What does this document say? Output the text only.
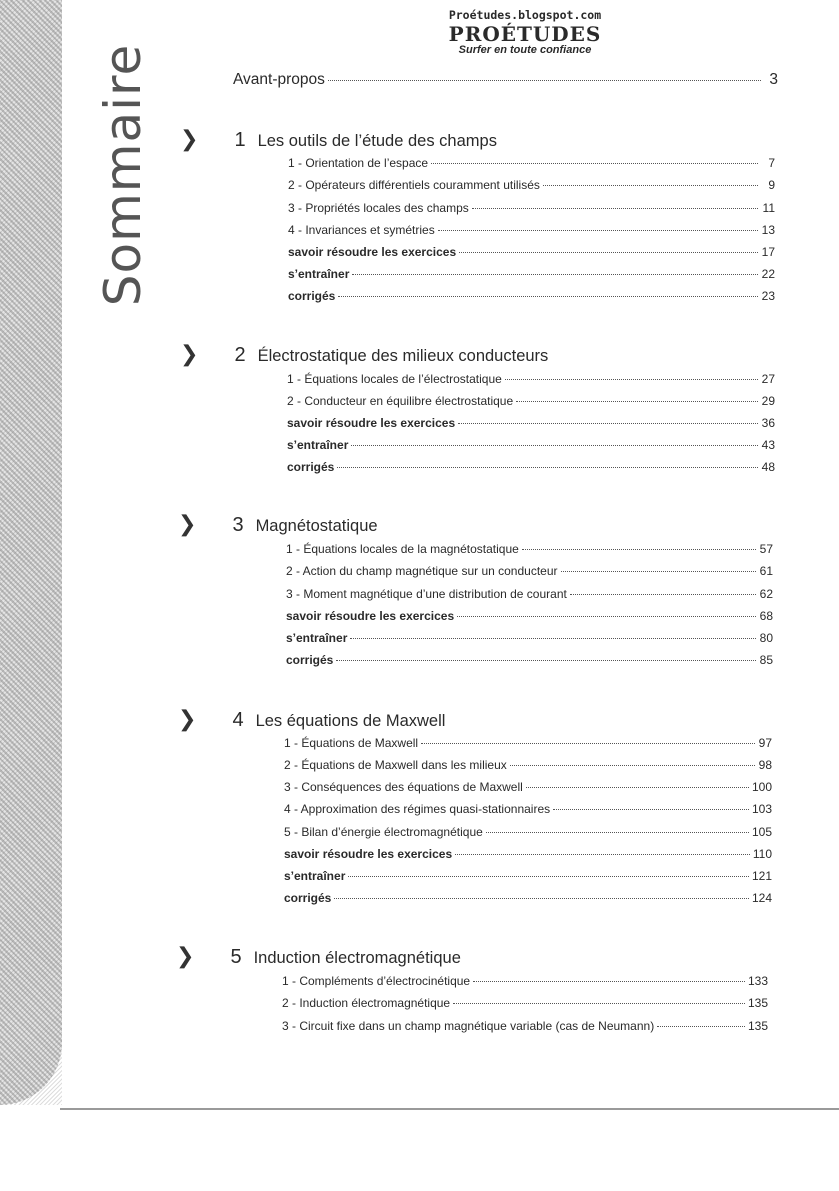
Sommaire
Proétudes.blogspot.com
PROÉTUDES
Surfer en toute confiance
Avant-propos	3
❯ 1 Les outils de l’étude des champs
1 - Orientation de l’espace	7
2 - Opérateurs différentiels couramment utilisés	9
3 - Propriétés locales des champs	11
4 - Invariances et symétries	13
savoir résoudre les exercices	17
s’entraîner	22
corrigés	23
❯ 2 Électrostatique des milieux conducteurs
1 - Équations locales de l’électrostatique	27
2 - Conducteur en équilibre électrostatique	29
savoir résoudre les exercices	36
s’entraîner	43
corrigés	48
❯ 3 Magnétostatique
1 - Équations locales de la magnétostatique	57
2 - Action du champ magnétique sur un conducteur	61
3 - Moment magnétique d’une distribution de courant	62
savoir résoudre les exercices	68
s’entraîner	80
corrigés	85
❯ 4 Les équations de Maxwell
1 - Équations de Maxwell	97
2 - Équations de Maxwell dans les milieux	98
3 - Conséquences des équations de Maxwell	100
4 - Approximation des régimes quasi-stationnaires	103
5 - Bilan d’énergie électromagnétique	105
savoir résoudre les exercices	110
s’entraîner	121
corrigés	124
❯ 5 Induction électromagnétique
1 - Compléments d’électrocinétique	133
2 - Induction électromagnétique	135
3 - Circuit fixe dans un champ magnétique variable (cas de Neumann)	135
